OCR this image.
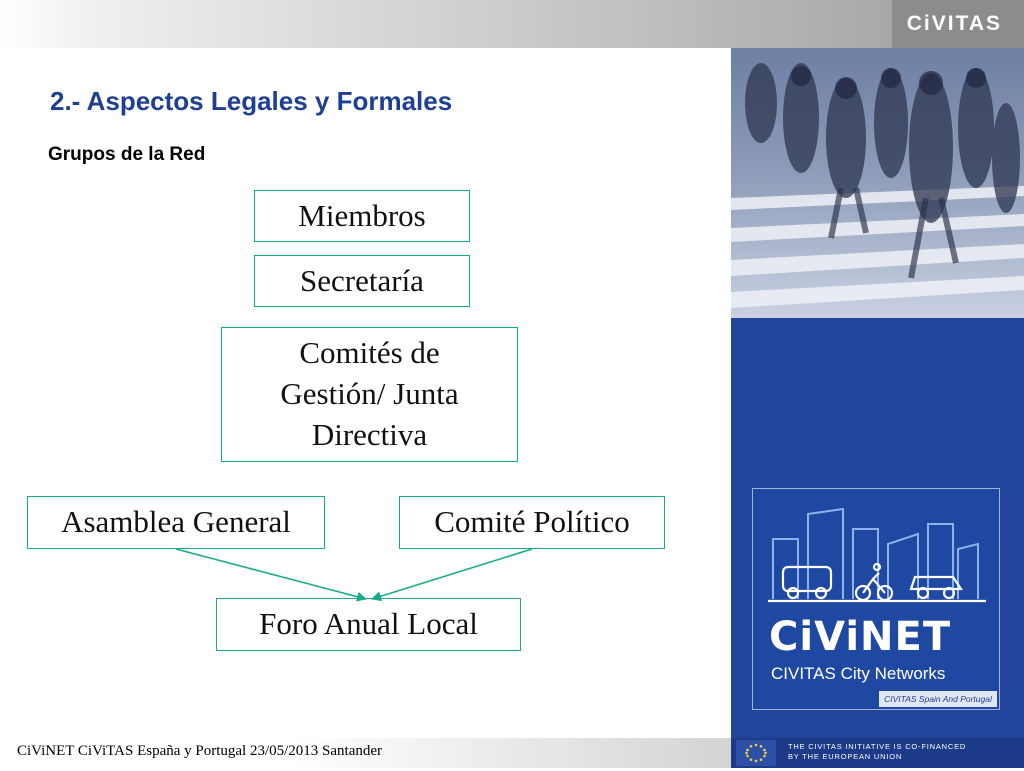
CiVITAS
2.- Aspectos Legales y Formales
Grupos de la Red
Miembros
Secretaría
Comités de
Gestión/ Junta
Directiva
Asamblea General	Comité Político
Foro Anual Local	CiViNET
CIVITAS City Networks
CIVITAS Spain And Portugal
CiViNET CiViTAS España y Portugal 23/05/2013 Santander	THE CIVITAS INITIATIVE IS CO-FINANCED
BY THE EUROPEAN UNION
